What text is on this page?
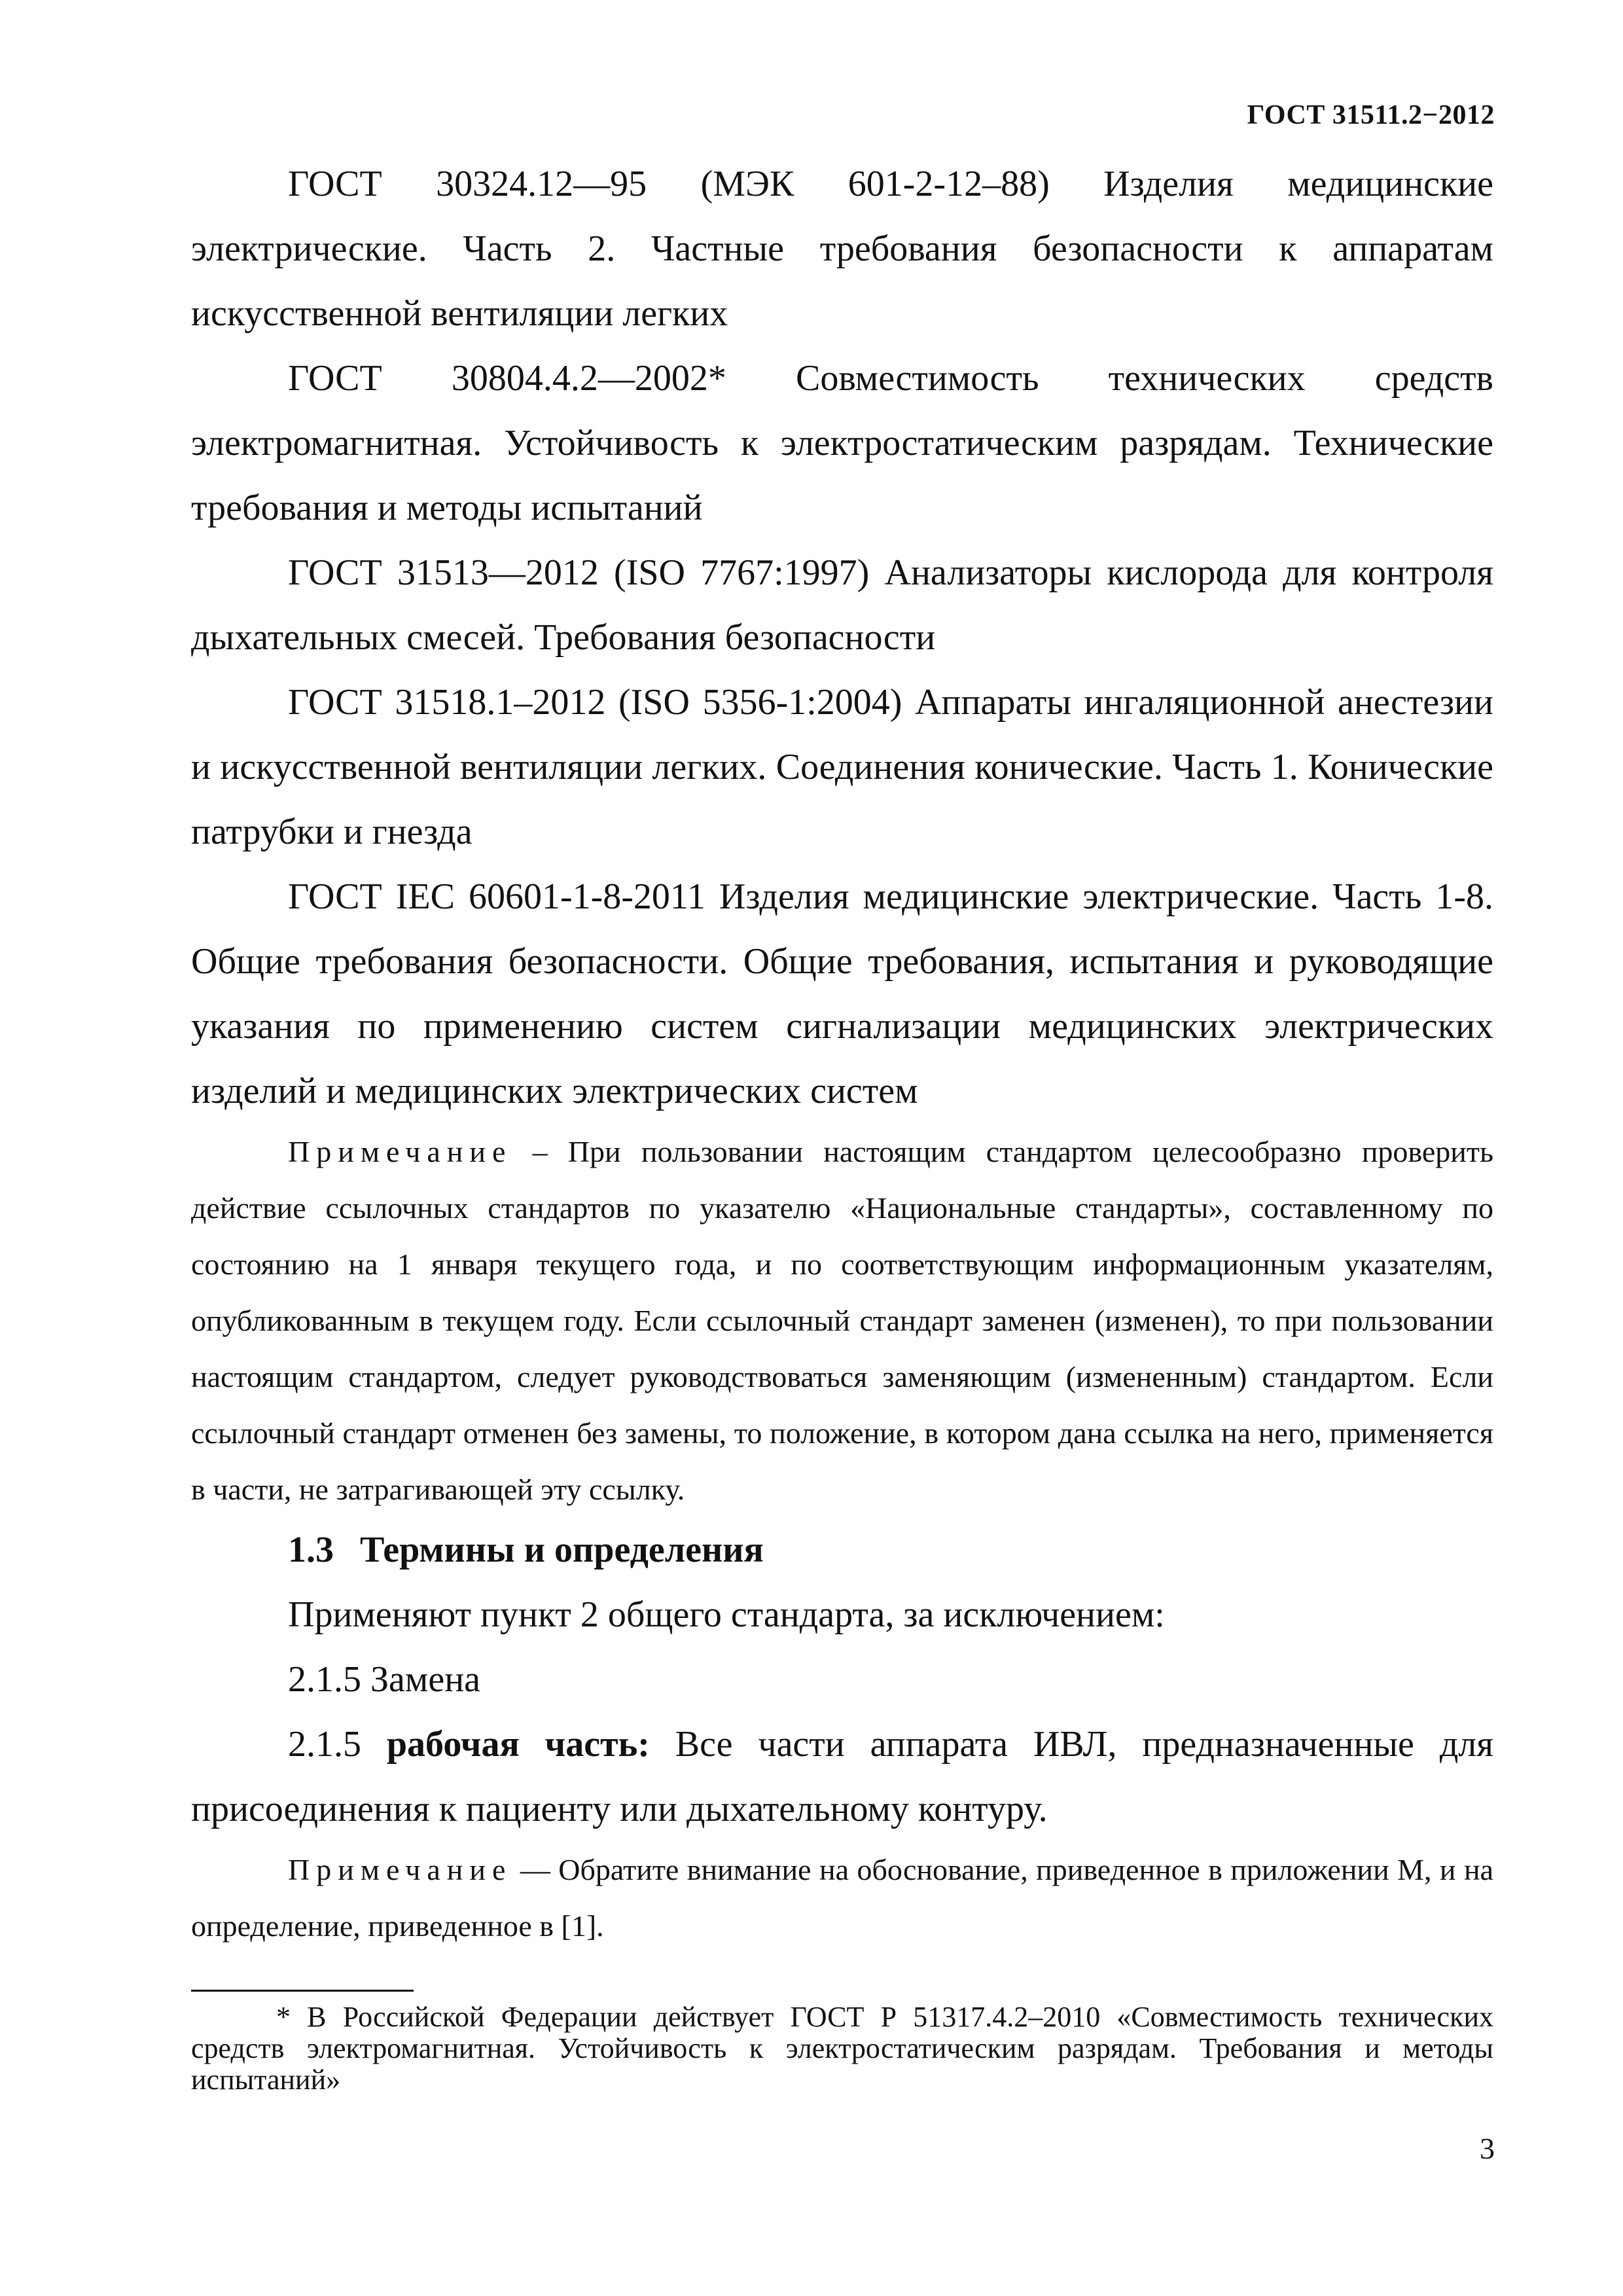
ГОСТ 31511.2−2012

ГОСТ 30324.12—95 (МЭК 601-2-12–88) Изделия медицинские электрические. Часть 2. Частные требования безопасности к аппаратам искусственной вентиляции легких

ГОСТ 30804.4.2—2002* Совместимость технических средств электромагнитная. Устойчивость к электростатическим разрядам. Технические требования и методы испытаний

ГОСТ 31513—2012 (ISO 7767:1997) Анализаторы кислорода для контроля дыхательных смесей. Требования безопасности

ГОСТ 31518.1–2012 (ISO 5356-1:2004) Аппараты ингаляционной анестезии и искусственной вентиляции легких. Соединения конические. Часть 1. Конические патрубки и гнезда

ГОСТ IEC 60601-1-8-2011 Изделия медицинские электрические. Часть 1-8. Общие требования безопасности. Общие требования, испытания и руководящие указания по применению систем сигнализации медицинских электрических изделий и медицинских электрических систем

Примечание – При пользовании настоящим стандартом целесообразно проверить действие ссылочных стандартов по указателю «Национальные стандарты», составленному по состоянию на 1 января текущего года, и по соответствующим информационным указателям, опубликованным в текущем году. Если ссылочный стандарт заменен (изменен), то при пользовании настоящим стандартом, следует руководствоваться заменяющим (измененным) стандартом. Если ссылочный стандарт отменен без замены, то положение, в котором дана ссылка на него, применяется в части, не затрагивающей эту ссылку.

1.3 Термины и определения

Применяют пункт 2 общего стандарта, за исключением:

2.1.5 Замена

2.1.5 рабочая часть: Все части аппарата ИВЛ, предназначенные для присоединения к пациенту или дыхательному контуру.

Примечание — Обратите внимание на обоснование, приведенное в приложении М, и на определение, приведенное в [1].

* В Российской Федерации действует ГОСТ Р 51317.4.2–2010 «Совместимость технических средств электромагнитная. Устойчивость к электростатическим разрядам. Требования и методы испытаний»

3
